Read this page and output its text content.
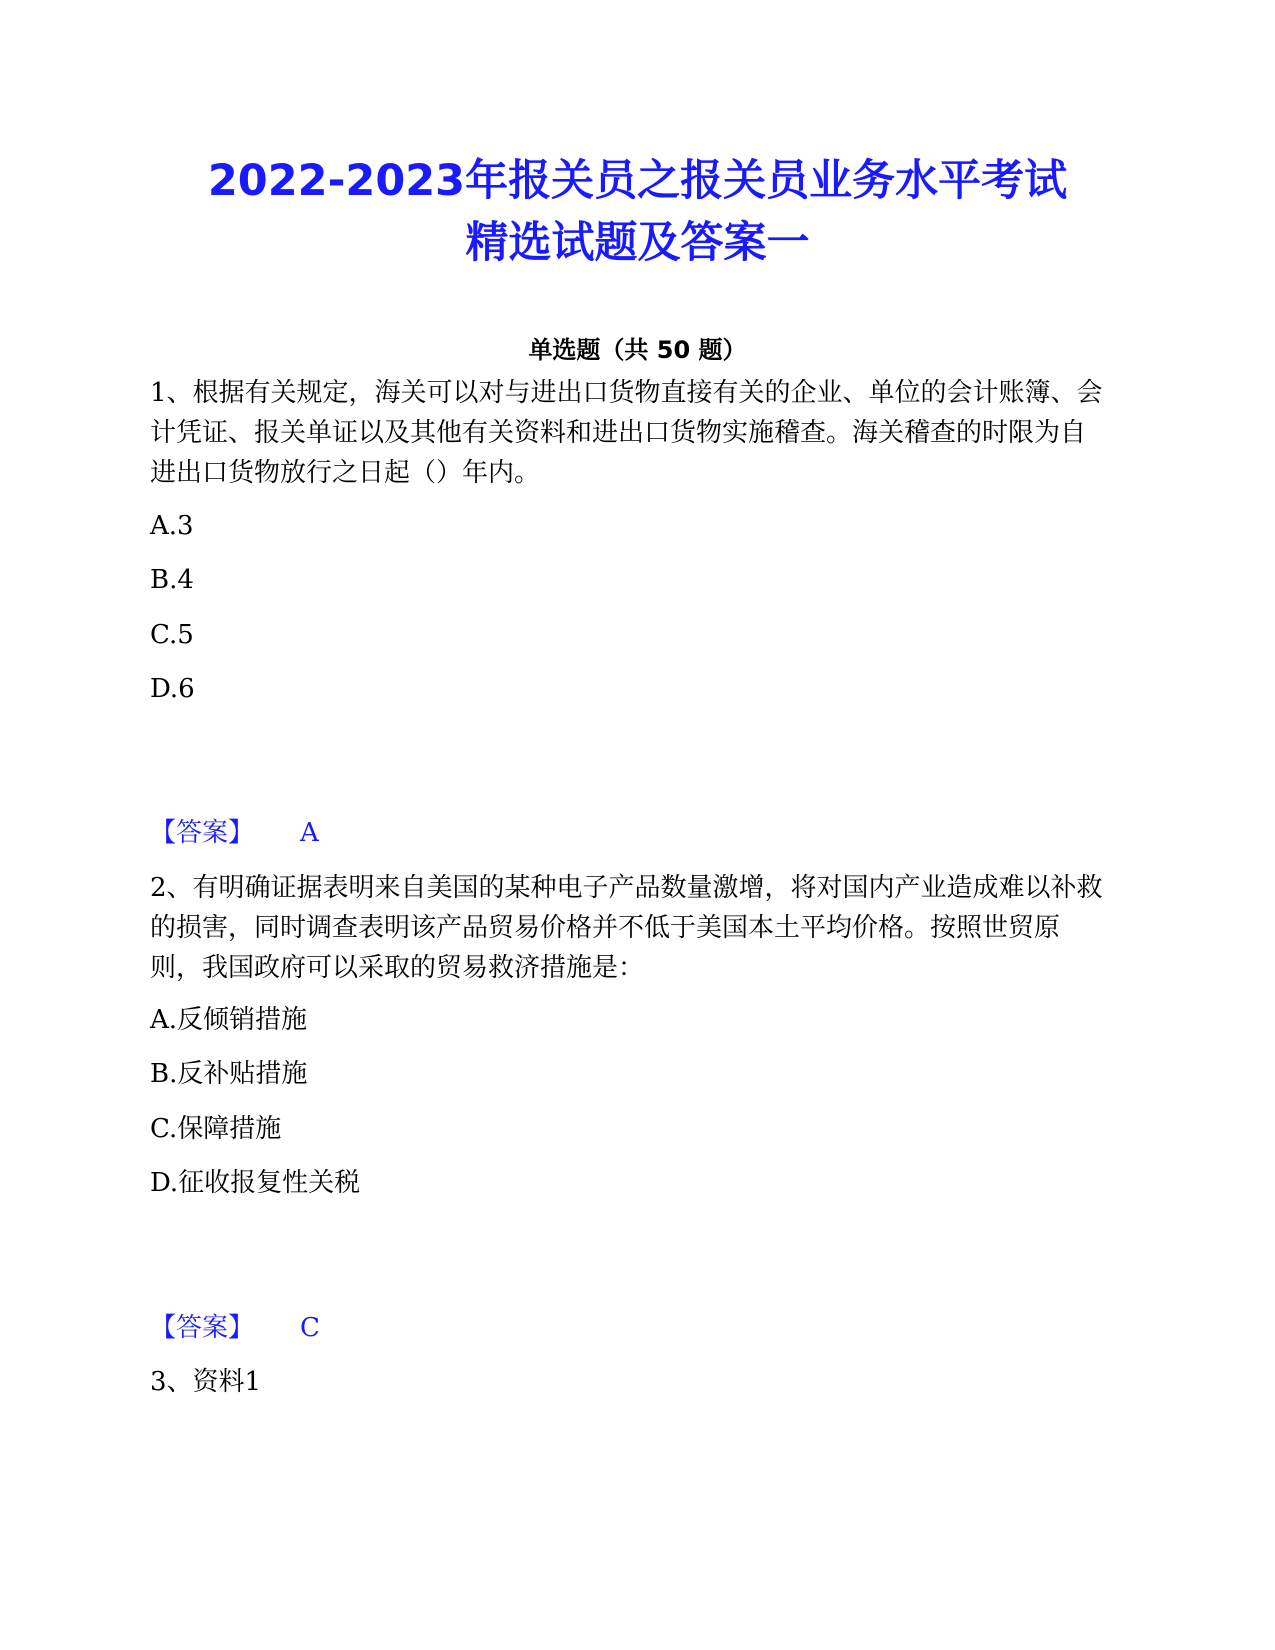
2022-2023年报关员之报关员业务水平考试
精选试题及答案一
单选题（共 50 题）

1、根据有关规定，海关可以对与进出口货物直接有关的企业、单位的会计账簿、会计凭证、报关单证以及其他有关资料和进出口货物实施稽查。海关稽查的时限为自进出口货物放行之日起（）年内。

A.3

B.4

C.5

D.6

【答案】 A

2、有明确证据表明来自美国的某种电子产品数量激增，将对国内产业造成难以补救的损害，同时调查表明该产品贸易价格并不低于美国本土平均价格。按照世贸原则，我国政府可以采取的贸易救济措施是：

A.反倾销措施

B.反补贴措施

C.保障措施

D.征收报复性关税

【答案】 C

3、资料1
